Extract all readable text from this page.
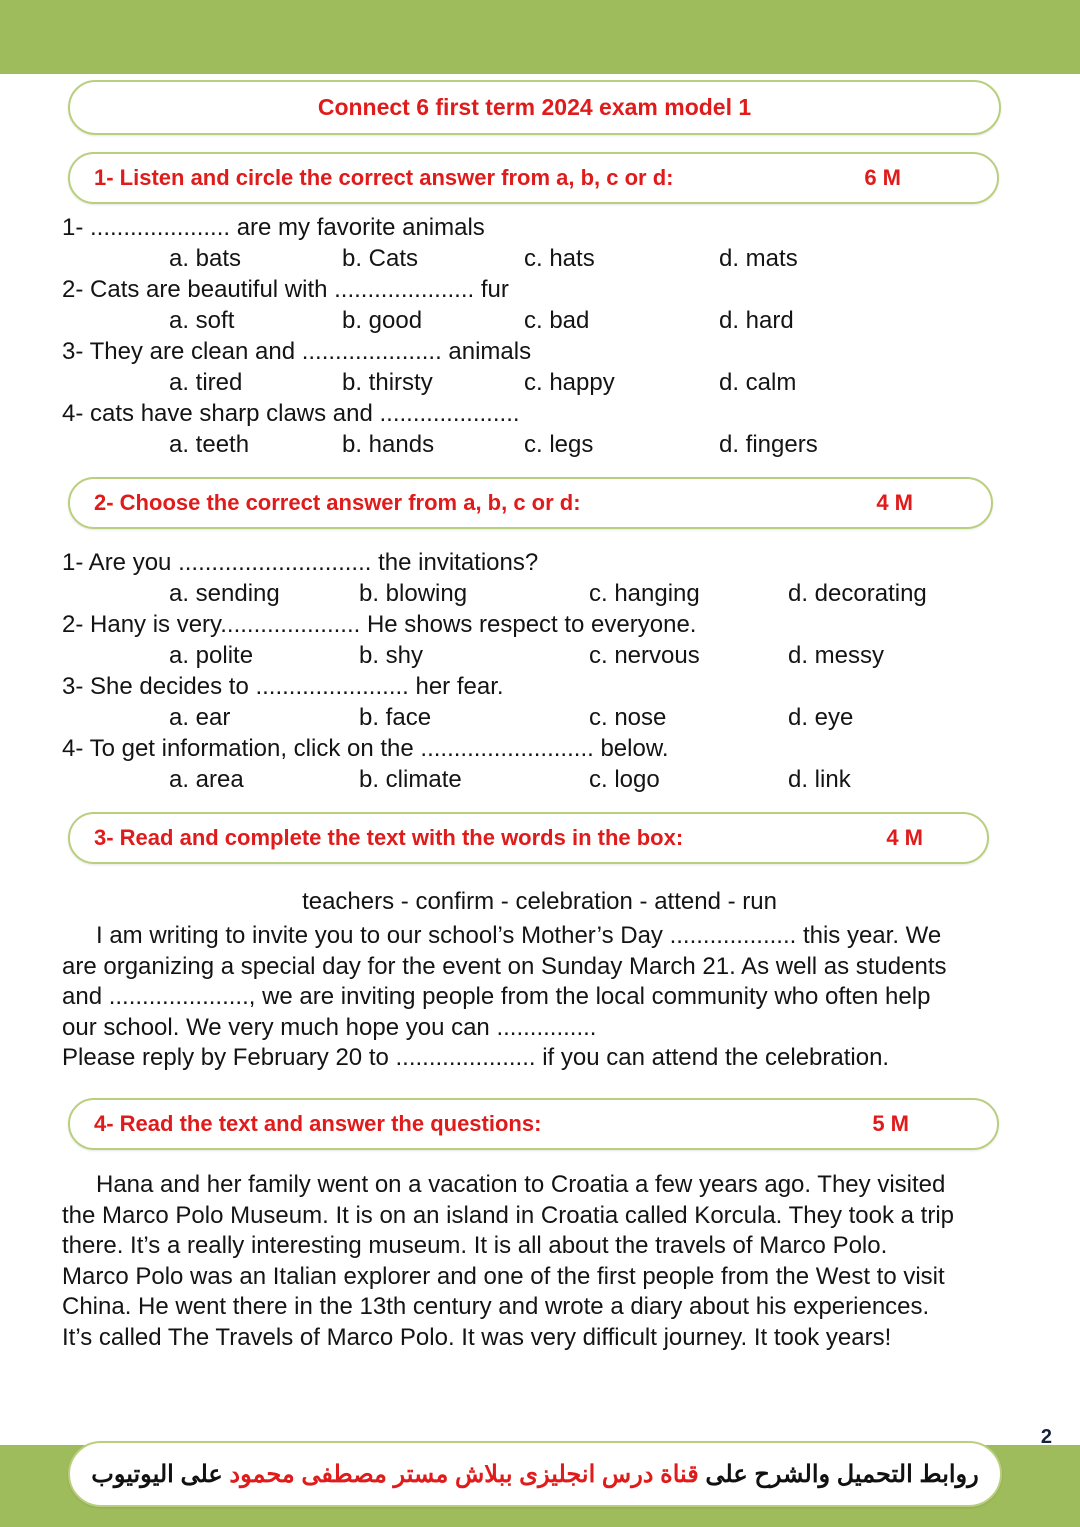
Connect 6 first term 2024 exam model 1
1- Listen and circle the correct answer from a, b, c or d:	6 M
1- ..................... are my favorite animals
a. bats	b. Cats	c. hats	d. mats
2- Cats are beautiful with ..................... fur
a. soft	b. good	c. bad	d. hard
3- They are clean and ..................... animals
a. tired	b. thirsty	c. happy	d. calm
4- cats have sharp claws and .....................
a. teeth	b. hands	c. legs	d. fingers
2- Choose the correct answer from a, b, c or d:	4 M
1- Are you ............................. the invitations?
a. sending	b. blowing	c. hanging	d. decorating
2- Hany is very..................... He shows respect to everyone.
a. polite	b. shy	c. nervous	d. messy
3- She decides to ....................... her fear.
a. ear	b. face	c. nose	d. eye
4- To get information, click on the .......................... below.
a. area	b. climate	c. logo	d. link
3- Read and complete the text with the words in the box:	4 M
teachers - confirm - celebration - attend - run
I am writing to invite you to our school’s Mother’s Day ................... this year. We
are organizing a special day for the event on Sunday March 21. As well as students
and ....................., we are inviting people from the local community who often help
our school. We very much hope you can ...............
Please reply by February 20 to ..................... if you can attend the celebration.
4- Read the text and answer the questions:	5 M
Hana and her family went on a vacation to Croatia a few years ago. They visited
the Marco Polo Museum. It is on an island in Croatia called Korcula. They took a trip
there. It’s a really interesting museum. It is all about the travels of Marco Polo.
Marco Polo was an Italian explorer and one of the first people from the West to visit
China. He went there in the 13th century and wrote a diary about his experiences.
It’s called The Travels of Marco Polo. It was very difficult journey. It took years!
2
روابط التحميل والشرح على قناة درس انجليزى ببلاش مستر مصطفى محمود على اليوتيوب
